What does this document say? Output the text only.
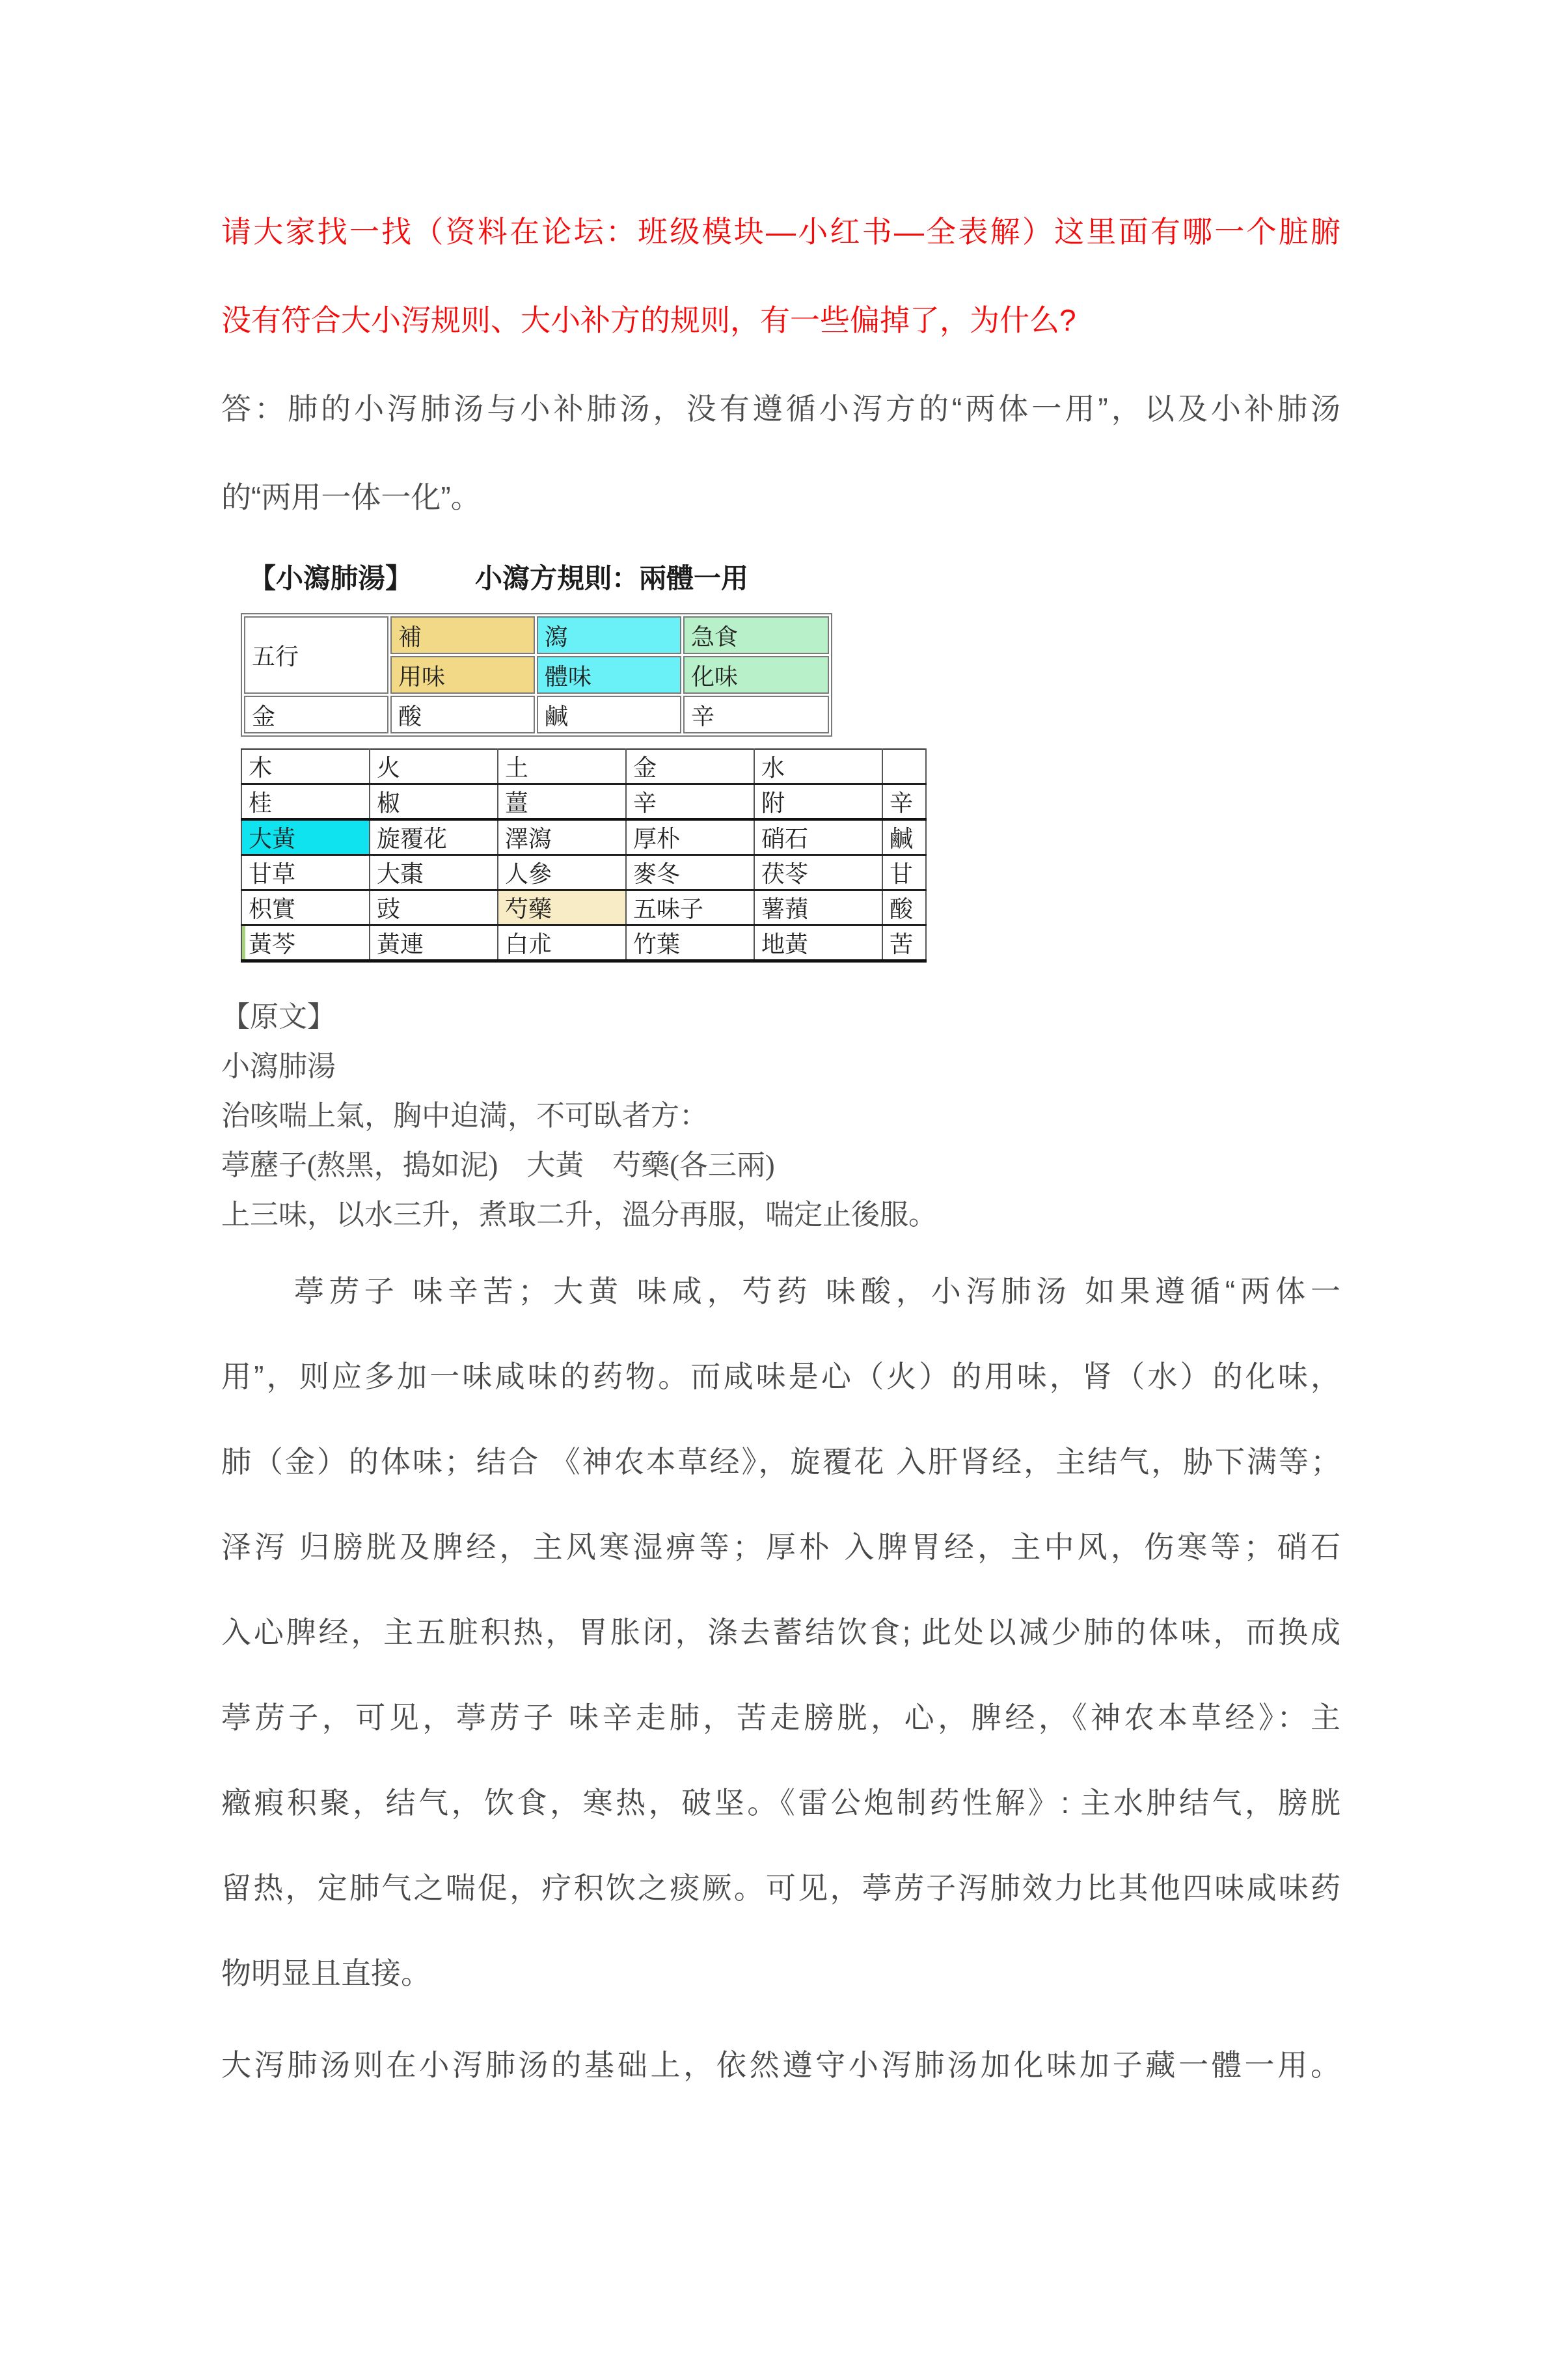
请大家找一找（资料在论坛：班级模块—小红书—全表解）这里面有哪一个脏腑
没有符合大小泻规则、大小补方的规则，有一些偏掉了，为什么?
答：肺的小泻肺汤与小补肺汤，没有遵循小泻方的“两体一用”，以及小补肺汤
的“两用一体一化”。
【小瀉肺湯】 小瀉方規則：兩體一用
五行	補	瀉	急食
	用味	體味	化味
金	酸	鹹	辛
木	火	土	金	水	
桂	椒	薑	辛	附	辛
大黃	旋覆花	澤瀉	厚朴	硝石	鹹
甘草	大棗	人參	麥冬	茯苓	甘
枳實	豉	芍藥	五味子	薯蕷	酸
黃芩	黃連	白朮	竹葉	地黃	苦
【原文】
小瀉肺湯
治咳喘上氣，胸中迫満，不可臥者方：
葶藶子(熬黑，搗如泥)　大黃　芍藥(各三兩)
上三味，以水三升，煮取二升，溫分再服，喘定止後服。
葶苈子 味辛苦；大黄 味咸，芍药 味酸，小泻肺汤 如果遵循“两体一
用”，则应多加一味咸味的药物。而咸味是心（火）的用味，肾（水）的化味，
肺（金）的体味；结合 《神农本草经》，旋覆花 入肝肾经，主结气，胁下满等；
泽泻 归膀胱及脾经，主风寒湿痹等；厚朴 入脾胃经，主中风，伤寒等；硝石
入心脾经，主五脏积热，胃胀闭，涤去蓄结饮食; 此处以减少肺的体味，而换成
葶苈子，可见，葶苈子 味辛走肺，苦走膀胱，心，脾经，《神农本草经》：主
癥瘕积聚，结气，饮食，寒热，破坚。《雷公炮制药性解》: 主水肿结气，膀胱
留热，定肺气之喘促，疗积饮之痰厥。可见，葶苈子泻肺效力比其他四味咸味药
物明显且直接。
大泻肺汤则在小泻肺汤的基础上，依然遵守小泻肺汤加化味加子藏一體一用。
